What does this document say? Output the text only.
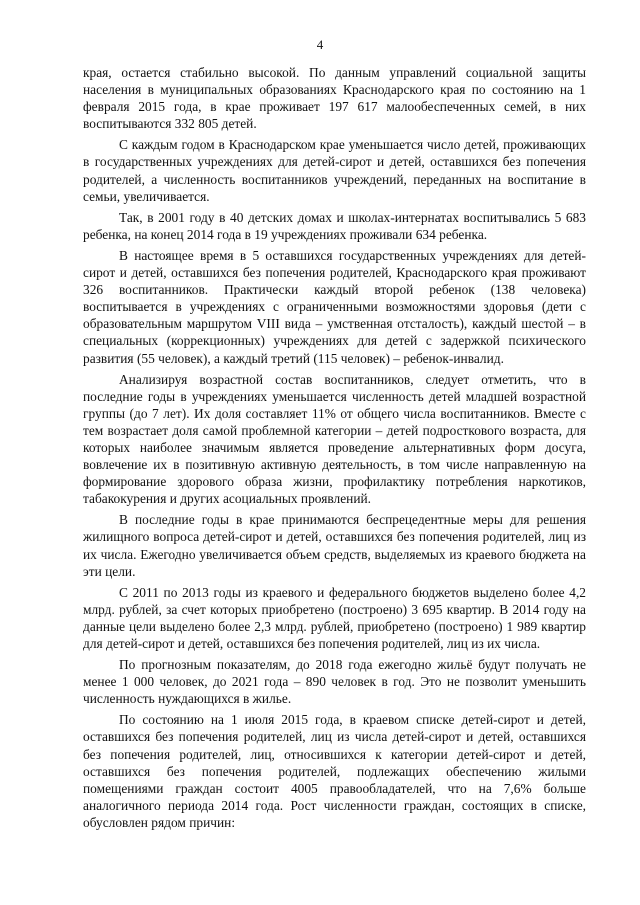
4

края, остается стабильно высокой. По данным управлений социальной защиты населения в муниципальных образованиях Краснодарского края по состоянию на 1 февраля 2015 года, в крае проживает 197 617 малообеспеченных семей, в них воспитываются 332 805 детей.

С каждым годом в Краснодарском крае уменьшается число детей, проживающих в государственных учреждениях для детей-сирот и детей, оставшихся без попечения родителей, а численность воспитанников учреждений, переданных на воспитание в семьи, увеличивается.

Так, в 2001 году в 40 детских домах и школах-интернатах воспитывались 5 683 ребенка, на конец 2014 года в 19 учреждениях проживали 634 ребенка.

В настоящее время в 5 оставшихся государственных учреждениях для детей-сирот и детей, оставшихся без попечения родителей, Краснодарского края проживают 326 воспитанников. Практически каждый второй ребенок (138 человека) воспитывается в учреждениях с ограниченными возможностями здоровья (дети с образовательным маршрутом VIII вида – умственная отсталость), каждый шестой – в специальных (коррекционных) учреждениях для детей с задержкой психического развития (55 человек), а каждый третий (115 человек) – ребенок-инвалид.

Анализируя возрастной состав воспитанников, следует отметить, что в последние годы в учреждениях уменьшается численность детей младшей возрастной группы (до 7 лет). Их доля составляет 11% от общего числа воспитанников. Вместе с тем возрастает доля самой проблемной категории – детей подросткового возраста, для которых наиболее значимым является проведение альтернативных форм досуга, вовлечение их в позитивную активную деятельность, в том числе направленную на формирование здорового образа жизни, профилактику потребления наркотиков, табакокурения и других асоциальных проявлений.

В последние годы в крае принимаются беспрецедентные меры для решения жилищного вопроса детей-сирот и детей, оставшихся без попечения родителей, лиц из их числа. Ежегодно увеличивается объем средств, выделяемых из краевого бюджета на эти цели.

С 2011 по 2013 годы из краевого и федерального бюджетов выделено более 4,2 млрд. рублей, за счет которых приобретено (построено) 3 695 квартир. В 2014 году на данные цели выделено более 2,3 млрд. рублей, приобретено (построено) 1 989 квартир для детей-сирот и детей, оставшихся без попечения родителей, лиц из их числа.

По прогнозным показателям, до 2018 года ежегодно жильё будут получать не менее 1 000 человек, до 2021 года – 890 человек в год. Это не позволит уменьшить численность нуждающихся в жилье.

По состоянию на 1 июля 2015 года, в краевом списке детей-сирот и детей, оставшихся без попечения родителей, лиц из числа детей-сирот и детей, оставшихся без попечения родителей, лиц, относившихся к категории детей-сирот и детей, оставшихся без попечения родителей, подлежащих обеспечению жилыми помещениями граждан состоит 4005 правообладателей, что на 7,6% больше аналогичного периода 2014 года. Рост численности граждан, состоящих в списке, обусловлен рядом причин:
